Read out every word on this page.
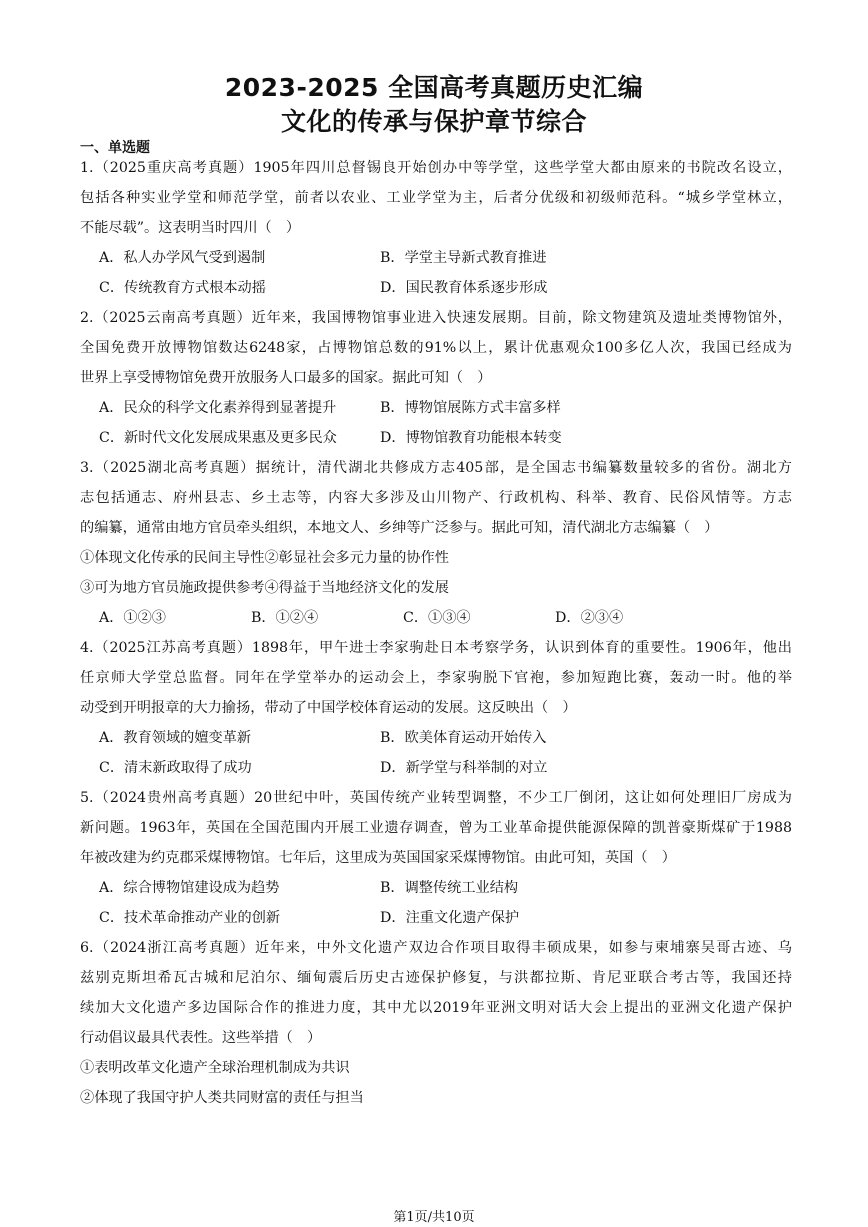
2023-2025 全国高考真题历史汇编
文化的传承与保护章节综合
一、单选题
1.（2025重庆高考真题）1905年四川总督锡良开始创办中等学堂，这些学堂大都由原来的书院改名设立，
包括各种实业学堂和师范学堂，前者以农业、工业学堂为主，后者分优级和初级师范科。“城乡学堂林立，
不能尽载”。这表明当时四川（　）
A．私人办学风气受到遏制	B．学堂主导新式教育推进
C．传统教育方式根本动摇	D．国民教育体系逐步形成
2.（2025云南高考真题）近年来，我国博物馆事业进入快速发展期。目前，除文物建筑及遗址类博物馆外，
全国免费开放博物馆数达6248家，占博物馆总数的91%以上，累计优惠观众100多亿人次，我国已经成为
世界上享受博物馆免费开放服务人口最多的国家。据此可知（　）
A．民众的科学文化素养得到显著提升	B．博物馆展陈方式丰富多样
C．新时代文化发展成果惠及更多民众	D．博物馆教育功能根本转变
3.（2025湖北高考真题）据统计，清代湖北共修成方志405部，是全国志书编纂数量较多的省份。湖北方
志包括通志、府州县志、乡土志等，内容大多涉及山川物产、行政机构、科举、教育、民俗风情等。方志
的编纂，通常由地方官员牵头组织，本地文人、乡绅等广泛参与。据此可知，清代湖北方志编纂（　）
①体现文化传承的民间主导性②彰显社会多元力量的协作性
③可为地方官员施政提供参考④得益于当地经济文化的发展
A．①②③	B．①②④	C．①③④	D．②③④
4.（2025江苏高考真题）1898年，甲午进士李家驹赴日本考察学务，认识到体育的重要性。1906年，他出
任京师大学堂总监督。同年在学堂举办的运动会上，李家驹脱下官袍，参加短跑比赛，轰动一时。他的举
动受到开明报章的大力揄扬，带动了中国学校体育运动的发展。这反映出（　）
A．教育领域的嬗变革新	B．欧美体育运动开始传入
C．清末新政取得了成功	D．新学堂与科举制的对立
5.（2024贵州高考真题）20世纪中叶，英国传统产业转型调整，不少工厂倒闭，这让如何处理旧厂房成为
新问题。1963年，英国在全国范围内开展工业遗存调查，曾为工业革命提供能源保障的凯普豪斯煤矿于1988
年被改建为约克郡采煤博物馆。七年后，这里成为英国国家采煤博物馆。由此可知，英国（　）
A．综合博物馆建设成为趋势	B．调整传统工业结构
C．技术革命推动产业的创新	D．注重文化遗产保护
6.（2024浙江高考真题）近年来，中外文化遗产双边合作项目取得丰硕成果，如参与柬埔寨吴哥古迹、乌
兹别克斯坦希瓦古城和尼泊尔、缅甸震后历史古迹保护修复，与洪都拉斯、肯尼亚联合考古等，我国还持
续加大文化遗产多边国际合作的推进力度，其中尤以2019年亚洲文明对话大会上提出的亚洲文化遗产保护
行动倡议最具代表性。这些举措（　）
①表明改革文化遗产全球治理机制成为共识
②体现了我国守护人类共同财富的责任与担当
第1页/共10页
